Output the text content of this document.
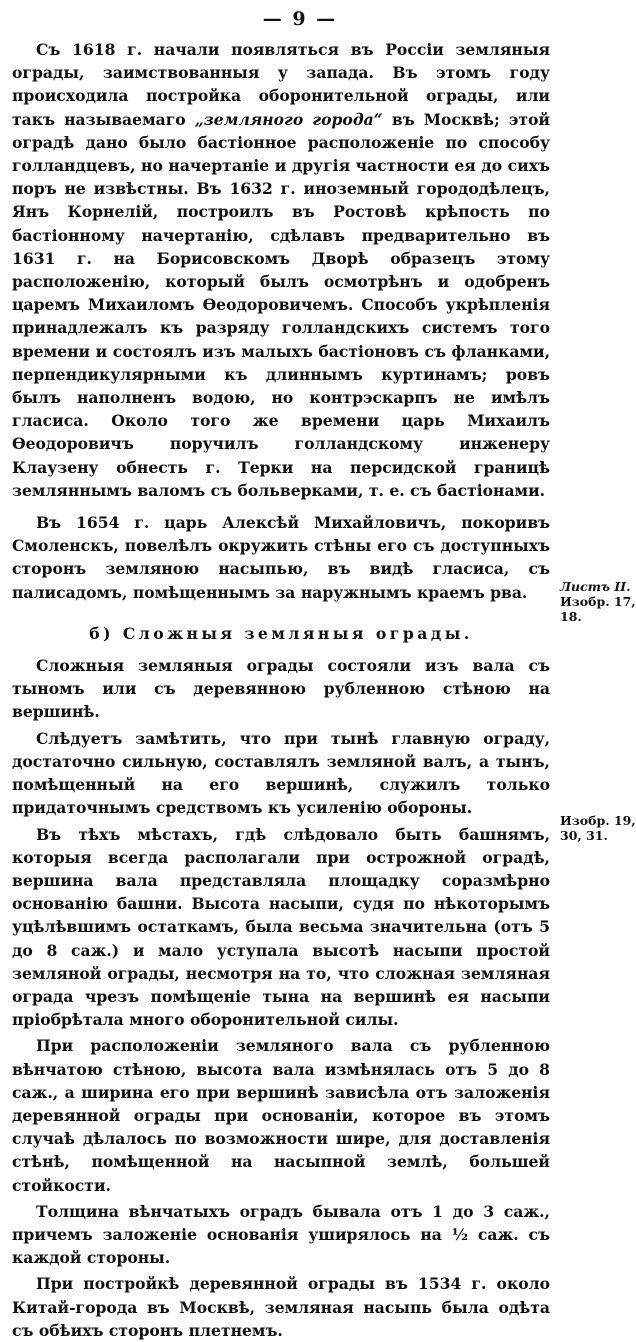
— 9 —

Съ 1618 г. начали появляться въ Россіи земляныя ограды, заимствованныя у запада. Въ этомъ году происходила постройка оборонительной ограды, или такъ называемаго „земляного города“ въ Москвѣ; этой оградѣ дано было бастіонное расположеніе по способу голландцевъ, но начертаніе и другія частности ея до сихъ поръ не извѣстны. Въ 1632 г. иноземный горододѣлецъ, Янъ Корнелій, построилъ въ Ростовѣ крѣпость по бастіонному начертанію, сдѣлавъ предварительно въ 1631 г. на Борисовскомъ Дворѣ образецъ этому расположенію, который былъ осмотрѣнъ и одобренъ царемъ Михаиломъ Ѳеодоровичемъ. Способъ укрѣпленія принадлежалъ къ разряду голландскихъ системъ того времени и состоялъ изъ малыхъ бастіоновъ съ фланками, перпендикулярными къ длиннымъ куртинамъ; ровъ былъ наполненъ водою, но контрэскарпъ не имѣлъ гласиса. Около того же времени царь Михаилъ Ѳеодоровичъ поручилъ голландскому инженеру Клаузену обнесть г. Терки на персидской границѣ земляннымъ валомъ съ больверками, т. е. съ бастіонами.

Въ 1654 г. царь Алексѣй Михайловичъ, покоривъ Смоленскъ, повелѣлъ окружить стѣны его съ доступныхъ сторонъ земляною насыпью, въ видѣ гласиса, съ палисадомъ, помѣщеннымъ за наружнымъ краемъ рва.

б) Сложныя земляныя ограды.

Сложныя земляныя ограды состояли изъ вала съ тыномъ или съ деревянною рубленною стѣною на вершинѣ.

Слѣдуетъ замѣтить, что при тынѣ главную ограду, достаточно сильную, составлялъ земляной валъ, а тынъ, помѣщенный на его вершинѣ, служилъ только придаточнымъ средствомъ къ усиленію обороны.

Въ тѣхъ мѣстахъ, гдѣ слѣдовало быть башнямъ, которыя всегда располагали при острожной оградѣ, вершина вала представляла площадку соразмѣрно основанію башни. Высота насыпи, судя по нѣкоторымъ уцѣлѣвшимъ остаткамъ, была весьма значительна (отъ 5 до 8 саж.) и мало уступала высотѣ насыпи простой земляной ограды, несмотря на то, что сложная земляная ограда чрезъ помѣщеніе тына на вершинѣ ея насыпи пріобрѣтала много оборонительной силы.

При расположеніи земляного вала съ рубленною вѣнчатою стѣною, высота вала измѣнялась отъ 5 до 8 саж., а ширина его при вершинѣ зависѣла отъ заложенія деревянной ограды при основаніи, которое въ этомъ случаѣ дѣлалось по возможности шире, для доставленія стѣнѣ, помѣщенной на насыпной землѣ, большей стойкости.

Толщина вѣнчатыхъ оградъ бывала отъ 1 до 3 саж., причемъ заложеніе основанія уширялось на ½ саж. съ каждой стороны.

При постройкѣ деревянной ограды въ 1534 г. около Китай-города въ Москвѣ, земляная насыпь была одѣта съ обѣихъ сторонъ плетнемъ.

Листъ II.
Изобр. 17, 18.
Изобр. 19, 30, 31.
